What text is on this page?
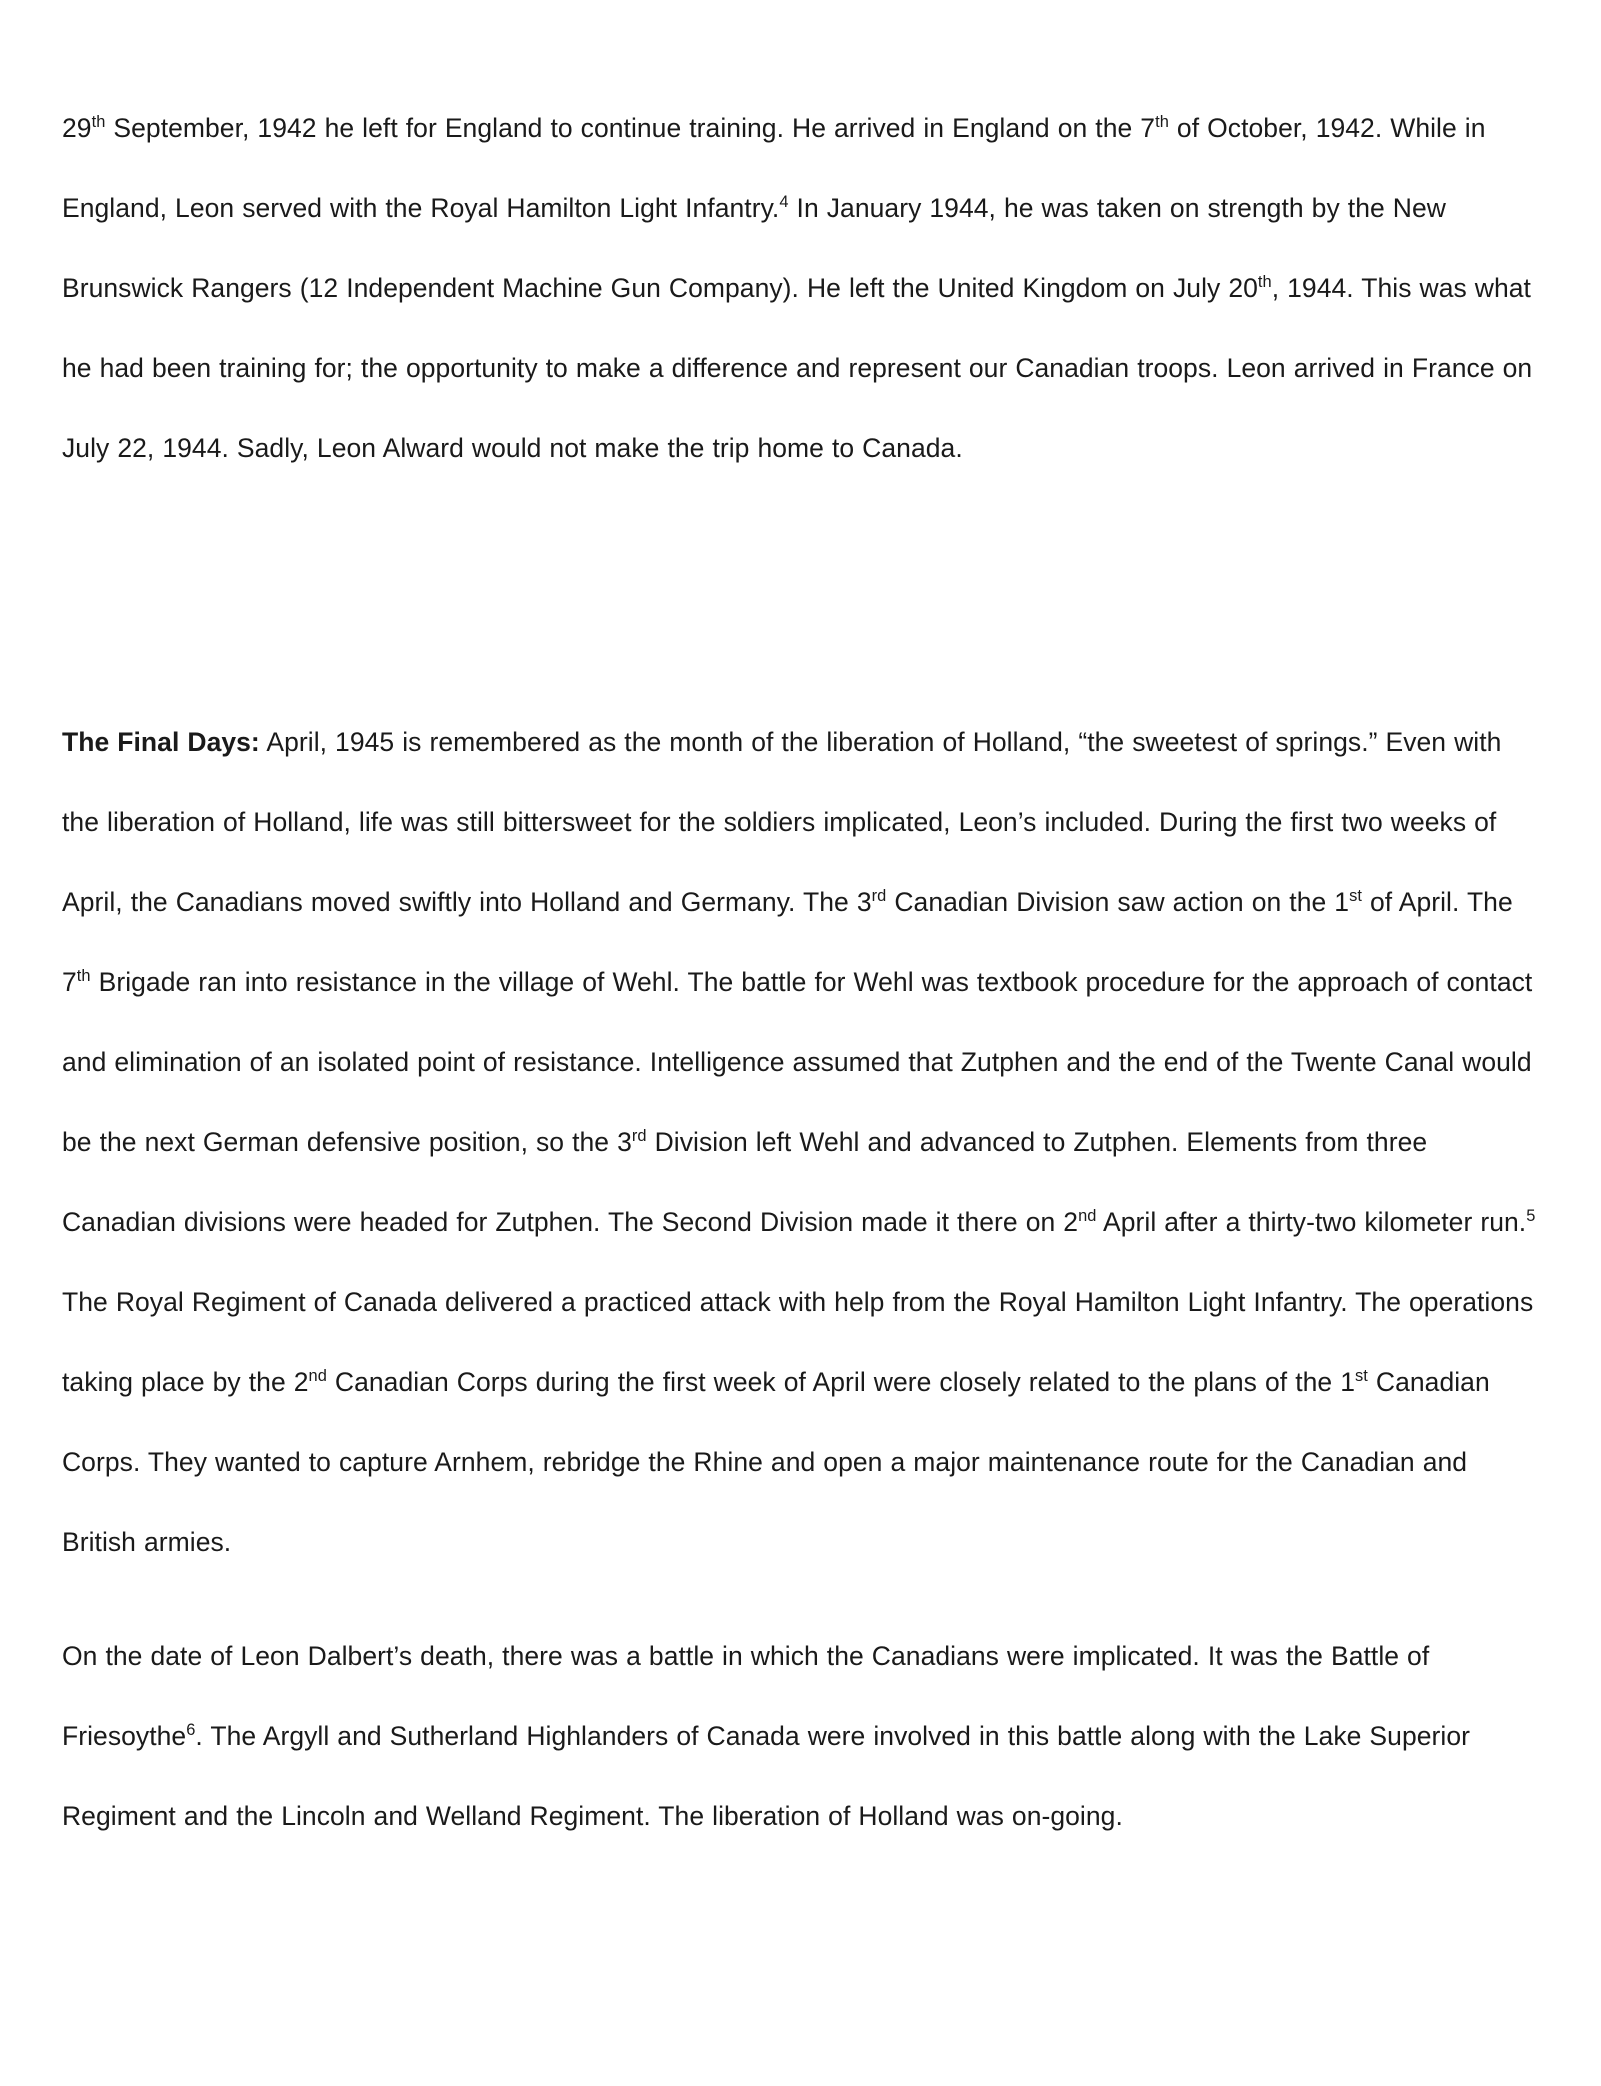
29th September, 1942 he left for England to continue training. He arrived in England on the 7th of October, 1942. While in England, Leon served with the Royal Hamilton Light Infantry.$^4$ In January 1944, he was taken on strength by the New Brunswick Rangers (12 Independent Machine Gun Company). He left the United Kingdom on July 20th, 1944. This was what he had been training for; the opportunity to make a difference and represent our Canadian troops. Leon arrived in France on July 22, 1944. Sadly, Leon Alward would not make the trip home to Canada.

The Final Days: April, 1945 is remembered as the month of the liberation of Holland, “the sweetest of springs.” Even with the liberation of Holland, life was still bittersweet for the soldiers implicated, Leon’s included. During the first two weeks of April, the Canadians moved swiftly into Holland and Germany. The 3rd Canadian Division saw action on the 1st of April. The 7th Brigade ran into resistance in the village of Wehl. The battle for Wehl was textbook procedure for the approach of contact and elimination of an isolated point of resistance. Intelligence assumed that Zutphen and the end of the Twente Canal would be the next German defensive position, so the 3rd Division left Wehl and advanced to Zutphen. Elements from three Canadian divisions were headed for Zutphen. The Second Division made it there on 2nd April after a thirty-two kilometer run.$^5$ The Royal Regiment of Canada delivered a practiced attack with help from the Royal Hamilton Light Infantry. The operations taking place by the 2nd Canadian Corps during the first week of April were closely related to the plans of the 1st Canadian Corps. They wanted to capture Arnhem, rebridge the Rhine and open a major maintenance route for the Canadian and British armies.

On the date of Leon Dalbert’s death, there was a battle in which the Canadians were implicated. It was the Battle of Friesoythe$^6$. The Argyll and Sutherland Highlanders of Canada were involved in this battle along with the Lake Superior Regiment and the Lincoln and Welland Regiment. The liberation of Holland was on-going.
